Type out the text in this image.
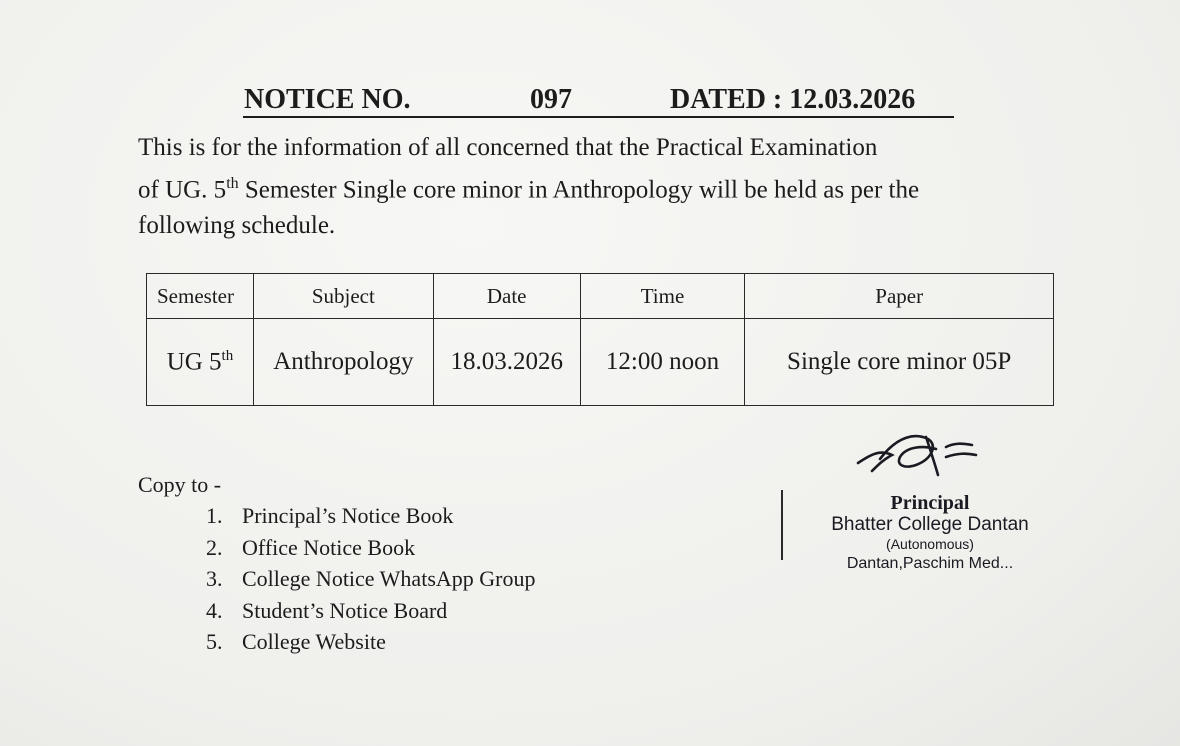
NOTICE NO.	097	DATED : 12.03.2026
This is for the information of all concerned that the Practical Examination
of UG. 5th Semester Single core minor in Anthropology will be held as per the
following schedule.
Semester	Subject	Date	Time	Paper
UG 5th	Anthropology	18.03.2026	12:00 noon	Single core minor 05P
Copy to -
1. Principal’s Notice Book
2. Office Notice Book
3. College Notice WhatsApp Group
4. Student’s Notice Board
5. College Website
Principal
Bhatter College Dantan
(Autonomous)
Dantan,Paschim Med...
